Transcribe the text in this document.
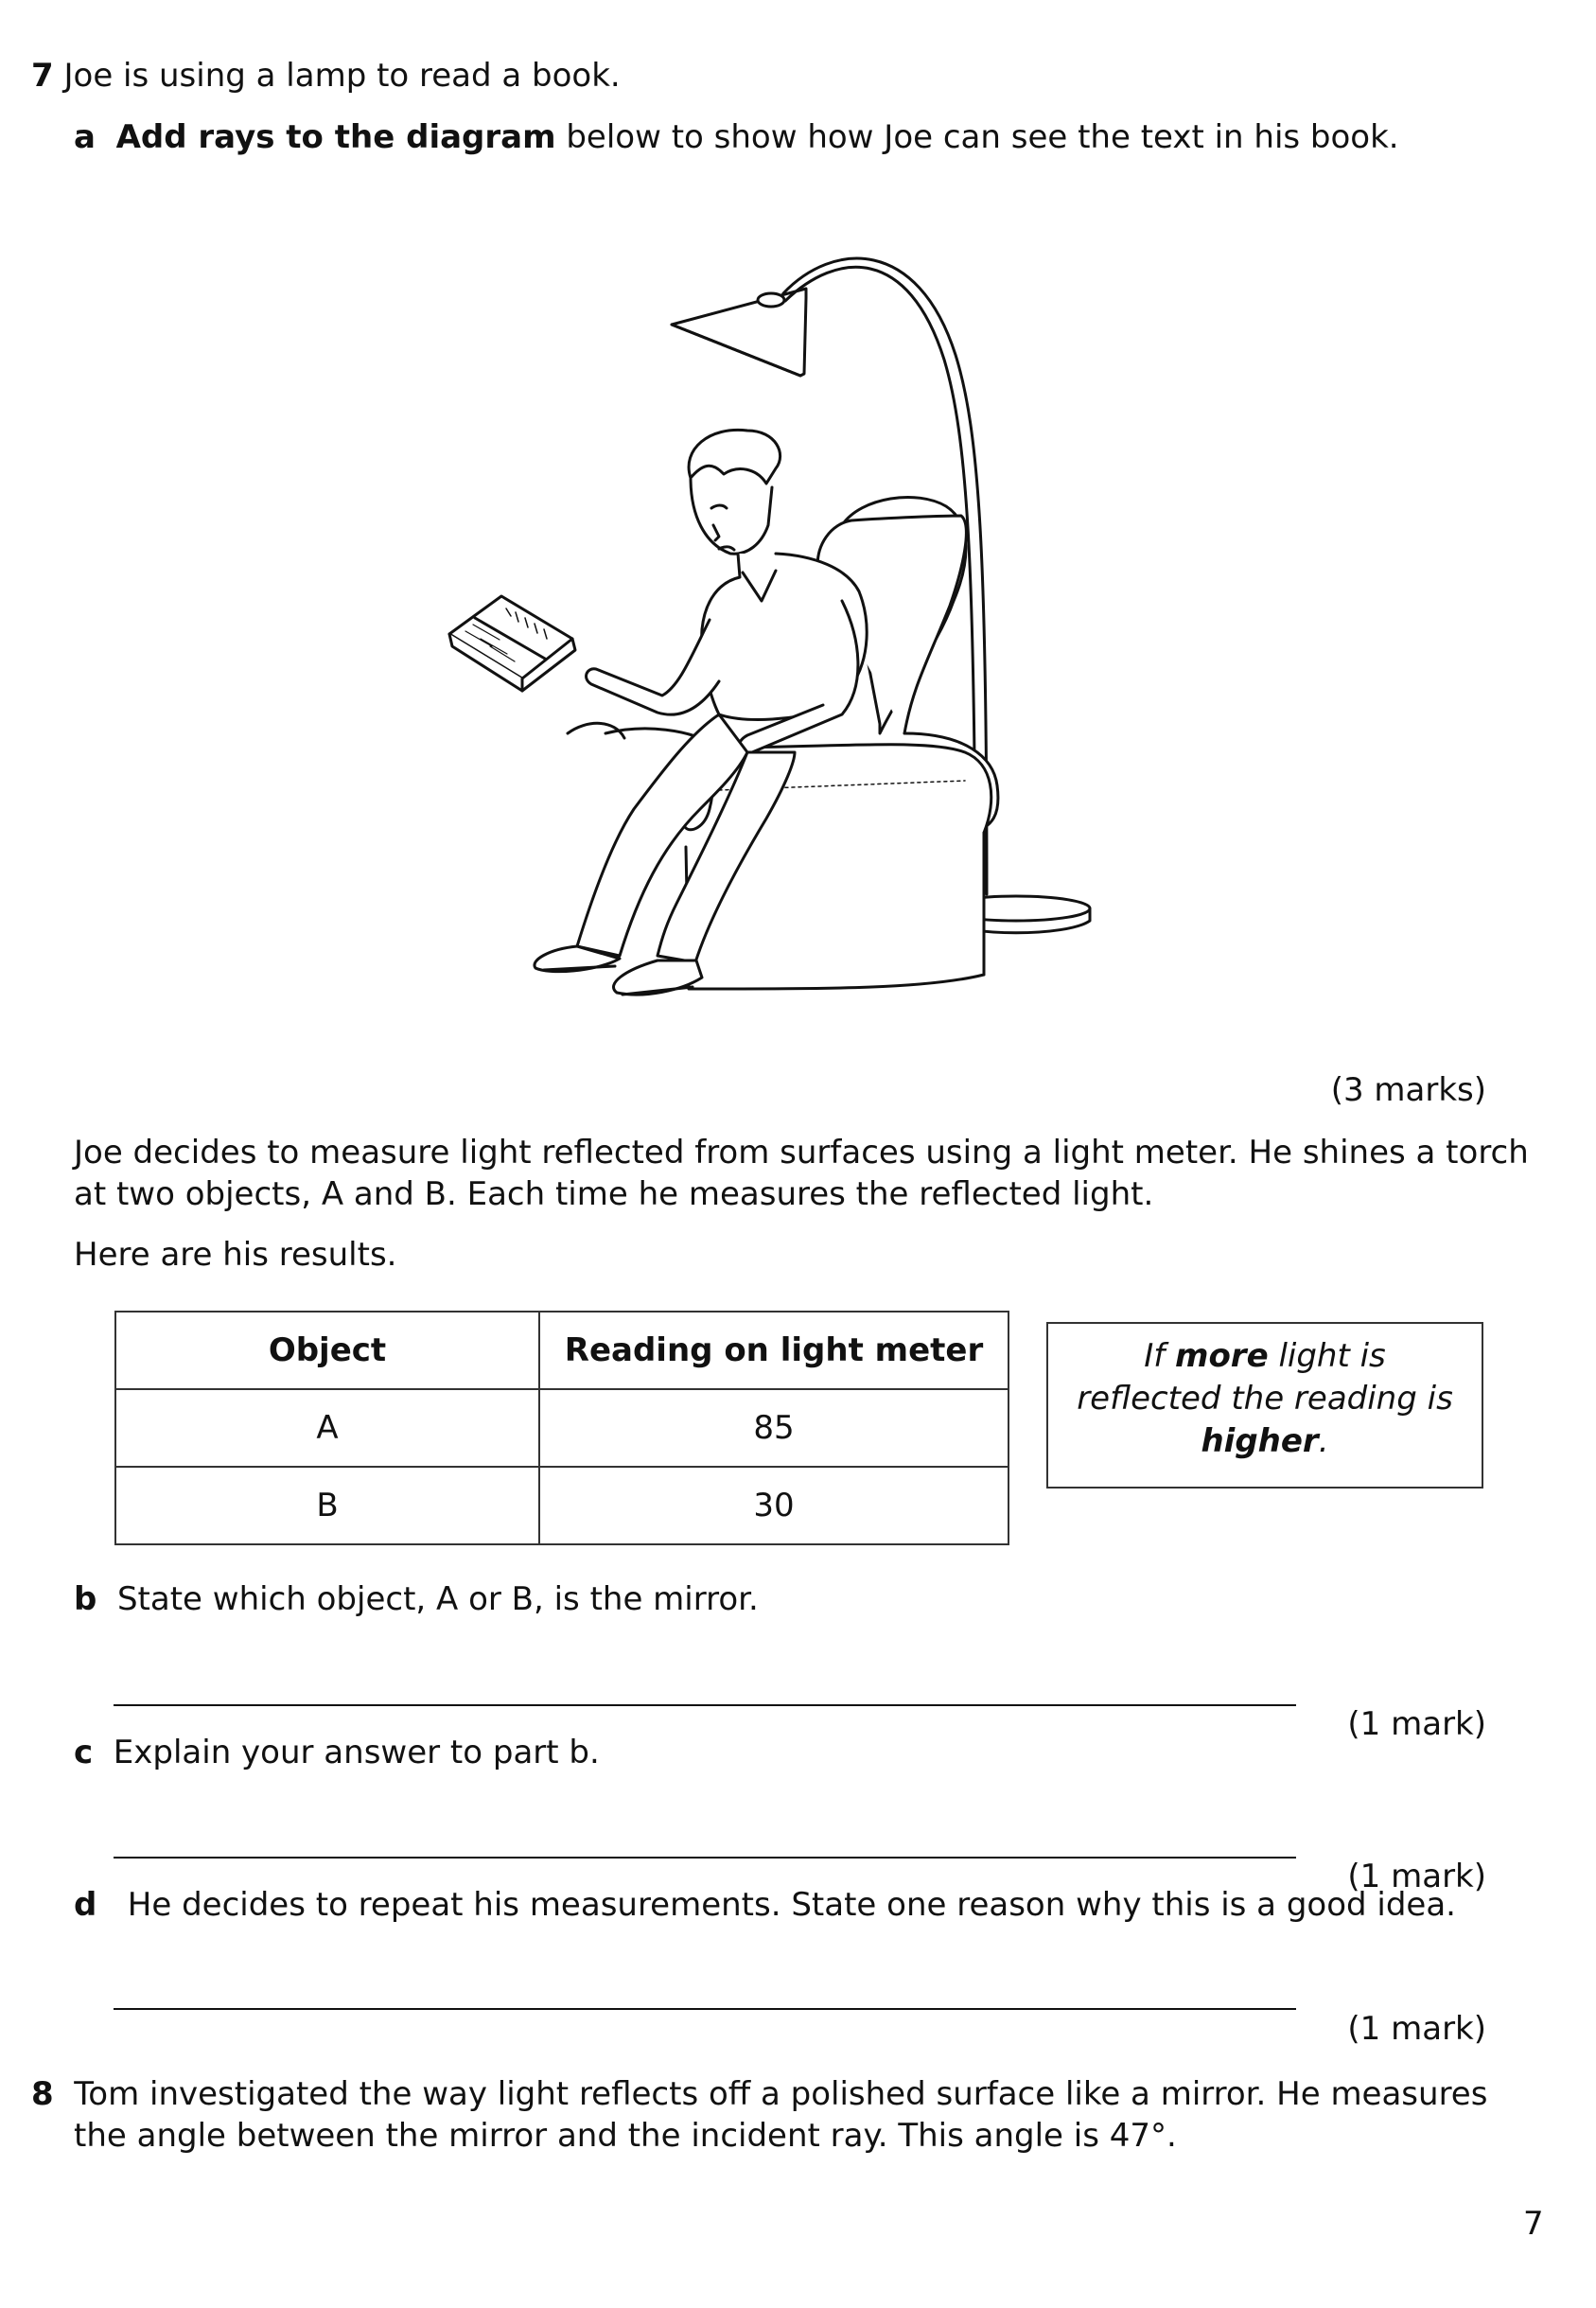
7 Joe is using a lamp to read a book.

a Add rays to the diagram below to show how Joe can see the text in his book.

(3 marks)

Joe decides to measure light reflected from surfaces using a light meter. He shines a torch

at two objects, A and B. Each time he measures the reflected light.

Here are his results.

Object	Reading on light meter
A	85
B	30
If more light is
reflected the reading is
higher.

b State which object, A or B, is the mirror.

(1 mark)

c Explain your answer to part b.

(1 mark)

d He decides to repeat his measurements. State one reason why this is a good idea.

(1 mark)

8 Tom investigated the way light reflects off a polished surface like a mirror. He measures

the angle between the mirror and the incident ray. This angle is 47°.

7
